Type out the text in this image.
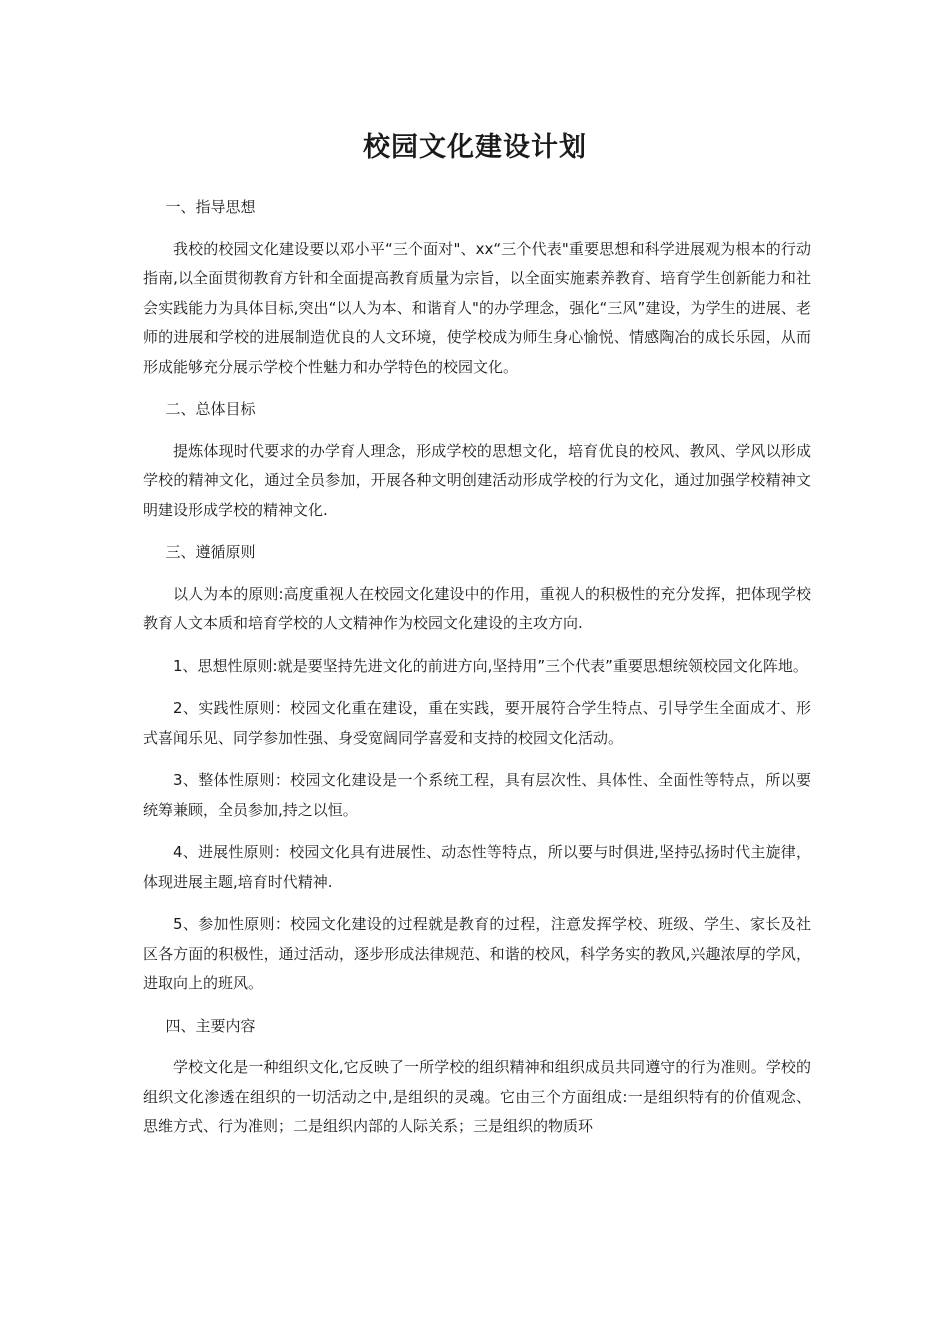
校园文化建设计划

一、指导思想

我校的校园文化建设要以邓小平“三个面对"、xx“三个代表"重要思想和科学进展观为根本的行动指南,以全面贯彻教育方针和全面提高教育质量为宗旨，以全面实施素养教育、培育学生创新能力和社会实践能力为具体目标,突出“以人为本、和谐育人"的办学理念，强化“三风”建设，为学生的进展、老师的进展和学校的进展制造优良的人文环境，使学校成为师生身心愉悦、情感陶冶的成长乐园，从而形成能够充分展示学校个性魅力和办学特色的校园文化。

二、总体目标

提炼体现时代要求的办学育人理念，形成学校的思想文化，培育优良的校风、教风、学风以形成学校的精神文化，通过全员参加，开展各种文明创建活动形成学校的行为文化，通过加强学校精神文明建设形成学校的精神文化.

三、遵循原则

以人为本的原则:高度重视人在校园文化建设中的作用，重视人的积极性的充分发挥，把体现学校教育人文本质和培育学校的人文精神作为校园文化建设的主攻方向.

1、思想性原则:就是要坚持先进文化的前进方向,坚持用”三个代表”重要思想统领校园文化阵地。

2、实践性原则：校园文化重在建设，重在实践，要开展符合学生特点、引导学生全面成才、形式喜闻乐见、同学参加性强、身受宽阔同学喜爱和支持的校园文化活动。

3、整体性原则：校园文化建设是一个系统工程，具有层次性、具体性、全面性等特点，所以要统筹兼顾，全员参加,持之以恒。

4、进展性原则：校园文化具有进展性、动态性等特点，所以要与时俱进,坚持弘扬时代主旋律，体现进展主题,培育时代精神.

5、参加性原则：校园文化建设的过程就是教育的过程，注意发挥学校、班级、学生、家长及社区各方面的积极性，通过活动，逐步形成法律规范、和谐的校风，科学务实的教风,兴趣浓厚的学风，进取向上的班风。

四、主要内容

学校文化是一种组织文化,它反映了一所学校的组织精神和组织成员共同遵守的行为准则。学校的组织文化渗透在组织的一切活动之中,是组织的灵魂。它由三个方面组成:一是组织特有的价值观念、思维方式、行为准则；二是组织内部的人际关系；三是组织的物质环
